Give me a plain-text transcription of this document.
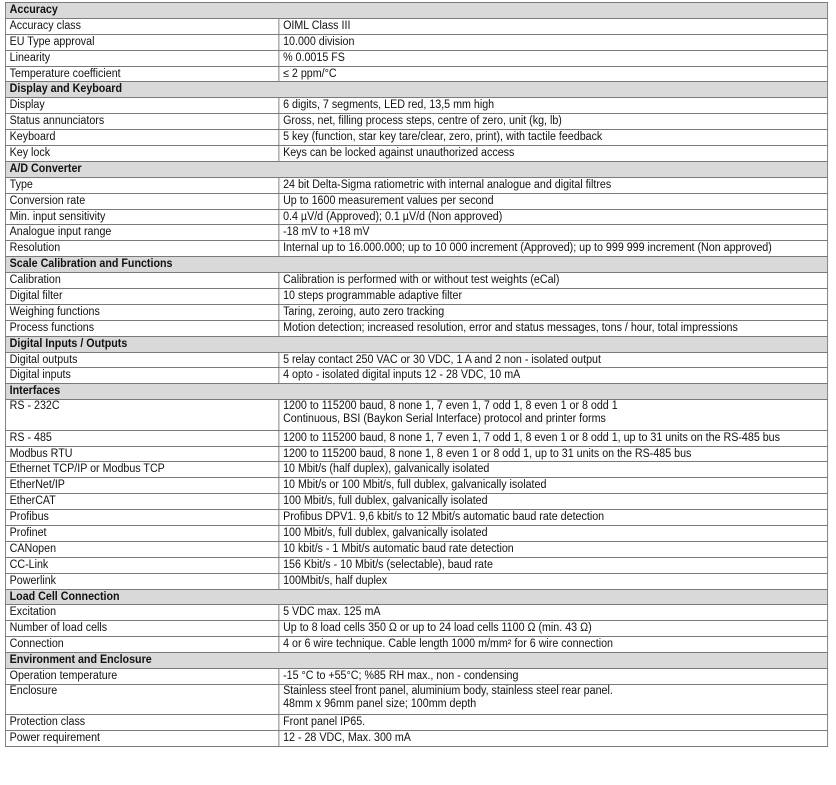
Accuracy	
Accuracy class	OIML Class III

EU Type approval	10.000 division

Linearity	% 0.0015 FS

Temperature coefficient	≤ 2 ppm/°C

Display and Keyboard	
Display	6 digits, 7 segments, LED red, 13,5 mm high

Status annunciators	Gross, net, filling process steps, centre of zero, unit (kg, lb)

Keyboard	5 key (function, star key tare/clear, zero, print), with tactile feedback

Key lock	Keys can be locked against unauthorized access

A/D Converter	
Type	24 bit Delta-Sigma ratiometric with internal analogue and digital filtres

Conversion rate	Up to 1600 measurement values per second

Min. input sensitivity	0.4 µV/d (Approved); 0.1 µV/d (Non approved)

Analogue input range	-18 mV to +18 mV

Resolution	Internal up to 16.000.000; up to 10 000 increment (Approved); up to 999 999 increment (Non approved)

Scale Calibration and Functions	
Calibration	Calibration is performed with or without test weights (eCal)

Digital filter	10 steps programmable adaptive filter

Weighing functions	Taring, zeroing, auto zero tracking

Process functions	Motion detection; increased resolution, error and status messages, tons / hour, total impressions

Digital Inputs / Outputs	
Digital outputs	5 relay contact 250 VAC or 30 VDC, 1 A and 2 non - isolated output

Digital inputs	4 opto - isolated digital inputs 12 - 28 VDC, 10 mA

Interfaces	
RS - 232C	1200 to 115200 baud, 8 none 1, 7 even 1, 7 odd 1, 8 even 1 or 8 odd 1
Continuous, BSI (Baykon Serial Interface) protocol and printer forms

RS - 485	1200 to 115200 baud, 8 none 1, 7 even 1, 7 odd 1, 8 even 1 or 8 odd 1, up to 31 units on the RS-485 bus

Modbus RTU	1200 to 115200 baud, 8 none 1, 8 even 1 or 8 odd 1, up to 31 units on the RS-485 bus

Ethernet TCP/IP or Modbus TCP	10 Mbit/s (half duplex), galvanically isolated

EtherNet/IP	10 Mbit/s or 100 Mbit/s, full dublex, galvanically isolated

EtherCAT	100 Mbit/s, full dublex, galvanically isolated

Profibus	Profibus DPV1. 9,6 kbit/s to 12 Mbit/s automatic baud rate detection

Profinet	100 Mbit/s, full dublex, galvanically isolated

CANopen	10 kbit/s - 1 Mbit/s automatic baud rate detection

CC-Link	156 Kbit/s - 10 Mbit/s (selectable), baud rate

Powerlink	100Mbit/s, half duplex

Load Cell Connection	
Excitation	5 VDC max. 125 mA

Number of load cells	Up to 8 load cells 350 Ω or up to 24 load cells 1100 Ω (min. 43 Ω)

Connection	4 or 6 wire technique. Cable length 1000 m/mm² for 6 wire connection

Environment and Enclosure	
Operation temperature	-15 °C to +55°C; %85 RH max., non - condensing

Enclosure	Stainless steel front panel, aluminium body, stainless steel rear panel.
48mm x 96mm panel size; 100mm depth

Protection class	Front panel IP65.

Power requirement	12 - 28 VDC, Max. 300 mA
